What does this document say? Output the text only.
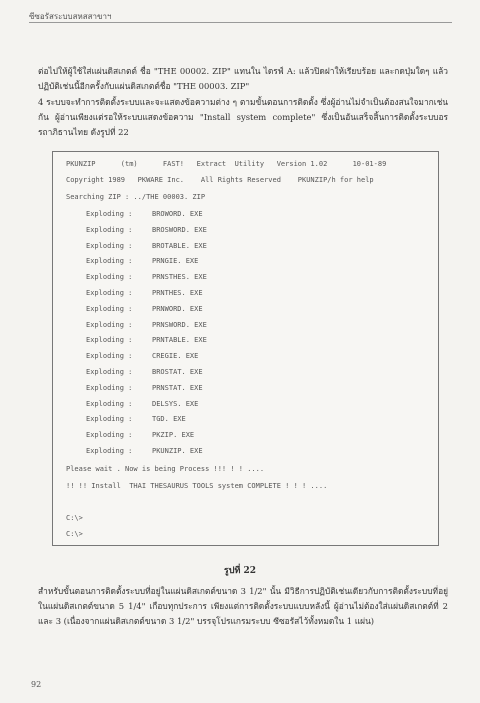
ซีซอรัสระบบสหสสาขาฯ
ต่อไปให้ผู้ใช้ใส่แผ่นดิสเกตต์ ชื่อ "THE 00002. ZIP" แทนใน ไดรฟ์ A: แล้วปิดฝาให้เรียบร้อย และกดปุ่มใดๆ แล้วปฏิบัติเช่นนี้อีกครั้งกับแผ่นดิสเกตต์ชื่อ "THE 00003. ZIP"
4 ระบบจะทำการติดตั้งระบบและจะแสดงข้อความต่าง ๆ ตามขั้นตอนการติดตั้ง ซึ่งผู้อ่านไม่จำเป็นต้องสนใจมากเช่นกัน ผู้อ่านเพียงแต่รอให้ระบบแสดงข้อความ "Install system complete" ซึ่งเป็นอันเสร็จสิ้นการติดตั้งระบบอรรถาภิธานไทย ดังรูปที่ 22
PKUNZIP      (tm)      FAST!   Extract  Utility   Version 1.02      10-01-89
Copyright 1989   PKWARE Inc.    All Rights Reserved    PKUNZIP/h for help
Searching ZIP : ../THE 00003. ZIP
Exploding :	BROWORD. EXE
Exploding :	BROSWORD. EXE
Exploding :	BROTABLE. EXE
Exploding :	PRNGIE. EXE
Exploding :	PRNSTHES. EXE
Exploding :	PRNTHES. EXE
Exploding :	PRNWORD. EXE
Exploding :	PRNSWORD. EXE
Exploding :	PRNTABLE. EXE
Exploding :	CREGIE. EXE
Exploding :	BROSTAT. EXE
Exploding :	PRNSTAT. EXE
Exploding :	DELSYS. EXE
Exploding :	TGD. EXE
Exploding :	PKZIP. EXE
Exploding :	PKUNZIP. EXE
Please wait . Now is being Process !!! ! ! ....
!! !! Install  THAI THESAURUS TOOLS system COMPLETE ! ! ! ....
C:\>
C:\>
รูปที่ 22
สำหรับขั้นตอนการติดตั้งระบบที่อยู่ในแผ่นดิสเกตต์ขนาด 3 1/2" นั้น มีวิธีการปฏิบัติเช่นเดียวกับการติดตั้งระบบที่อยู่ในแผ่นดิสเกตต์ขนาด 5 1/4" เกือบทุกประการ เพียงแต่การติดตั้งระบบแบบหลังนี้ ผู้อ่านไม่ต้องใส่แผ่นดิสเกตต์ที่ 2 และ 3 (เนื่องจากแผ่นดิสเกตต์ขนาด 3 1/2" บรรจุโปรแกรมระบบ ซีซอรัสไว้ทั้งหมดใน 1 แผ่น)
92
